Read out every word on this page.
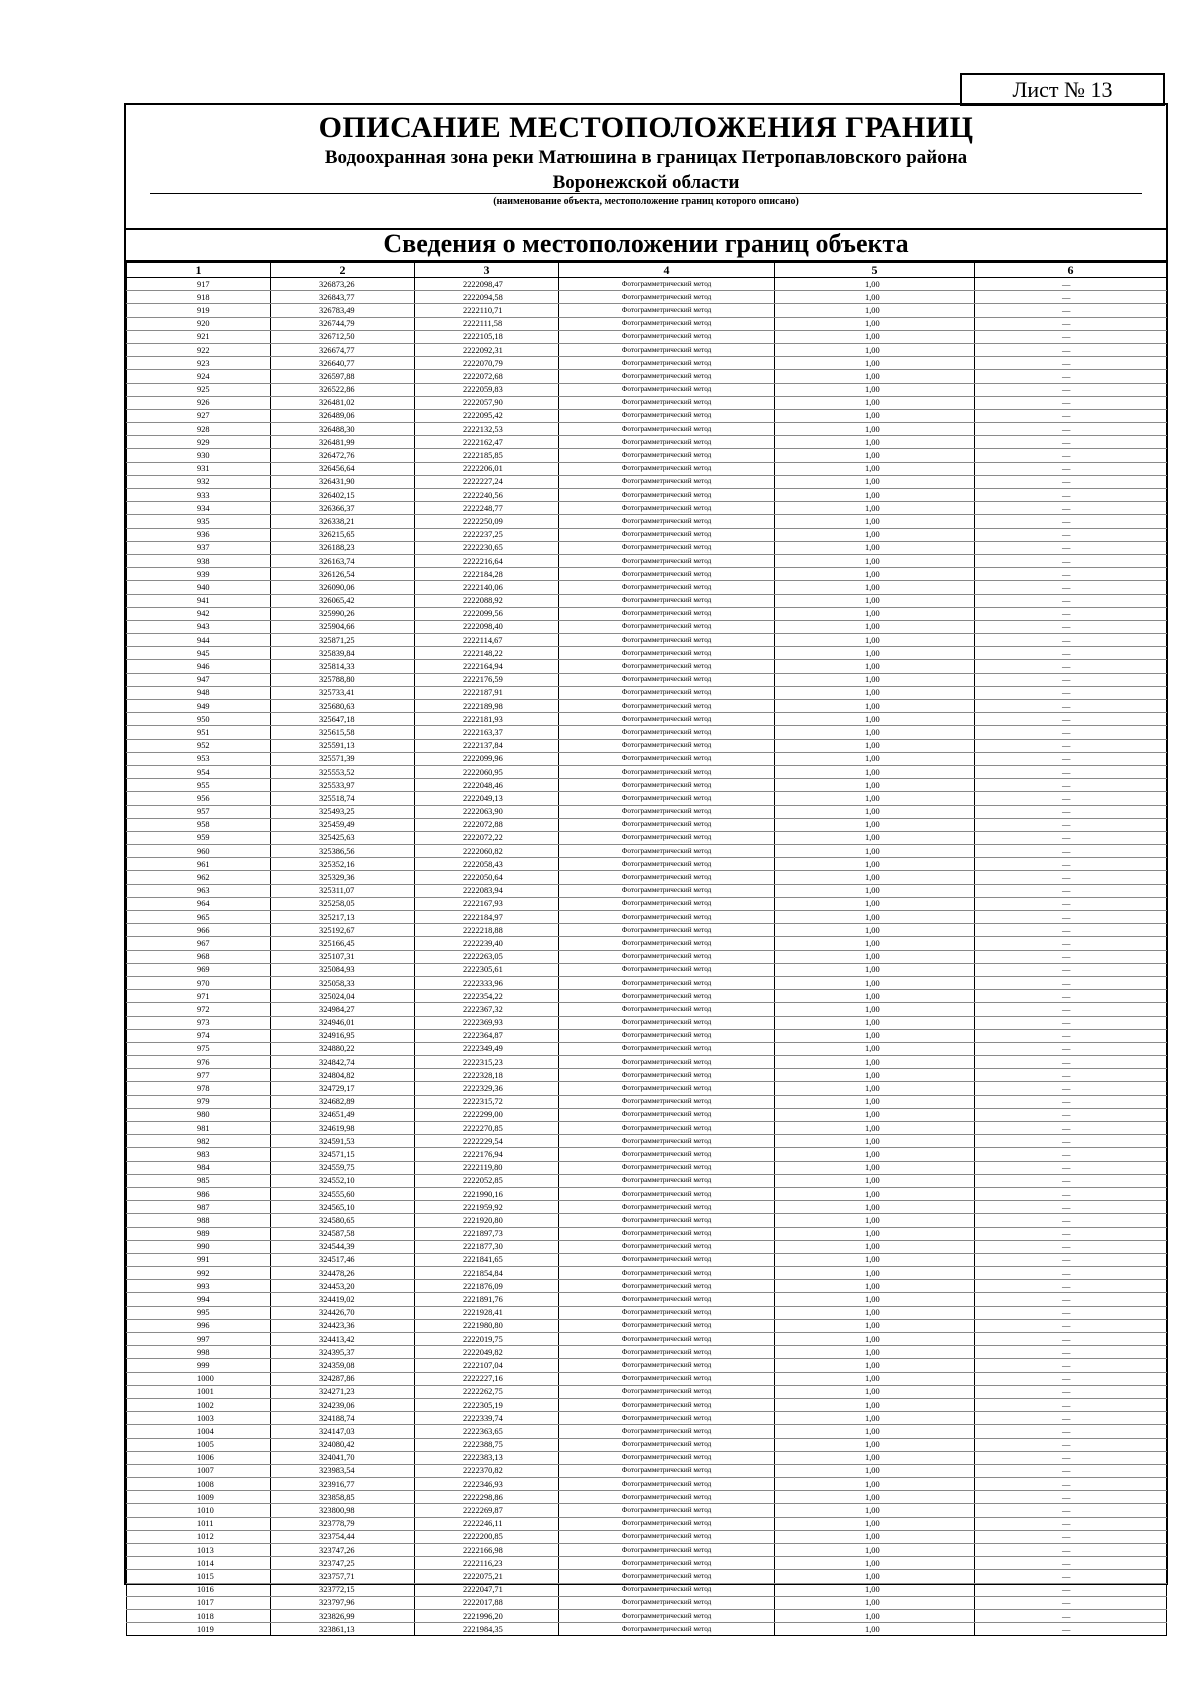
Лист № 13
ОПИСАНИЕ МЕСТОПОЛОЖЕНИЯ ГРАНИЦ
Водоохранная зона реки Матюшина в границах Петропавловского района
Воронежской области
(наименование объекта, местоположение границ которого описано)
Сведения о местоположении границ объекта
1	2	3	4	5	6
917	326873,26	2222098,47	Фотограмметрический метод	1,00	—
918	326843,77	2222094,58	Фотограмметрический метод	1,00	—
919	326783,49	2222110,71	Фотограмметрический метод	1,00	—
920	326744,79	2222111,58	Фотограмметрический метод	1,00	—
921	326712,50	2222105,18	Фотограмметрический метод	1,00	—
922	326674,77	2222092,31	Фотограмметрический метод	1,00	—
923	326640,77	2222070,79	Фотограмметрический метод	1,00	—
924	326597,88	2222072,68	Фотограмметрический метод	1,00	—
925	326522,86	2222059,83	Фотограмметрический метод	1,00	—
926	326481,02	2222057,90	Фотограмметрический метод	1,00	—
927	326489,06	2222095,42	Фотограмметрический метод	1,00	—
928	326488,30	2222132,53	Фотограмметрический метод	1,00	—
929	326481,99	2222162,47	Фотограмметрический метод	1,00	—
930	326472,76	2222185,85	Фотограмметрический метод	1,00	—
931	326456,64	2222206,01	Фотограмметрический метод	1,00	—
932	326431,90	2222227,24	Фотограмметрический метод	1,00	—
933	326402,15	2222240,56	Фотограмметрический метод	1,00	—
934	326366,37	2222248,77	Фотограмметрический метод	1,00	—
935	326338,21	2222250,09	Фотограмметрический метод	1,00	—
936	326215,65	2222237,25	Фотограмметрический метод	1,00	—
937	326188,23	2222230,65	Фотограмметрический метод	1,00	—
938	326163,74	2222216,64	Фотограмметрический метод	1,00	—
939	326126,54	2222184,28	Фотограмметрический метод	1,00	—
940	326090,06	2222140,06	Фотограмметрический метод	1,00	—
941	326065,42	2222088,92	Фотограмметрический метод	1,00	—
942	325990,26	2222099,56	Фотограмметрический метод	1,00	—
943	325904,66	2222098,40	Фотограмметрический метод	1,00	—
944	325871,25	2222114,67	Фотограмметрический метод	1,00	—
945	325839,84	2222148,22	Фотограмметрический метод	1,00	—
946	325814,33	2222164,94	Фотограмметрический метод	1,00	—
947	325788,80	2222176,59	Фотограмметрический метод	1,00	—
948	325733,41	2222187,91	Фотограмметрический метод	1,00	—
949	325680,63	2222189,98	Фотограмметрический метод	1,00	—
950	325647,18	2222181,93	Фотограмметрический метод	1,00	—
951	325615,58	2222163,37	Фотограмметрический метод	1,00	—
952	325591,13	2222137,84	Фотограмметрический метод	1,00	—
953	325571,39	2222099,96	Фотограмметрический метод	1,00	—
954	325553,52	2222060,95	Фотограмметрический метод	1,00	—
955	325533,97	2222048,46	Фотограмметрический метод	1,00	—
956	325518,74	2222049,13	Фотограмметрический метод	1,00	—
957	325493,25	2222063,90	Фотограмметрический метод	1,00	—
958	325459,49	2222072,88	Фотограмметрический метод	1,00	—
959	325425,63	2222072,22	Фотограмметрический метод	1,00	—
960	325386,56	2222060,82	Фотограмметрический метод	1,00	—
961	325352,16	2222058,43	Фотограмметрический метод	1,00	—
962	325329,36	2222050,64	Фотограмметрический метод	1,00	—
963	325311,07	2222083,94	Фотограмметрический метод	1,00	—
964	325258,05	2222167,93	Фотограмметрический метод	1,00	—
965	325217,13	2222184,97	Фотограмметрический метод	1,00	—
966	325192,67	2222218,88	Фотограмметрический метод	1,00	—
967	325166,45	2222239,40	Фотограмметрический метод	1,00	—
968	325107,31	2222263,05	Фотограмметрический метод	1,00	—
969	325084,93	2222305,61	Фотограмметрический метод	1,00	—
970	325058,33	2222333,96	Фотограмметрический метод	1,00	—
971	325024,04	2222354,22	Фотограмметрический метод	1,00	—
972	324984,27	2222367,32	Фотограмметрический метод	1,00	—
973	324946,01	2222369,93	Фотограмметрический метод	1,00	—
974	324916,95	2222364,87	Фотограмметрический метод	1,00	—
975	324880,22	2222349,49	Фотограмметрический метод	1,00	—
976	324842,74	2222315,23	Фотограмметрический метод	1,00	—
977	324804,82	2222328,18	Фотограмметрический метод	1,00	—
978	324729,17	2222329,36	Фотограмметрический метод	1,00	—
979	324682,89	2222315,72	Фотограмметрический метод	1,00	—
980	324651,49	2222299,00	Фотограмметрический метод	1,00	—
981	324619,98	2222270,85	Фотограмметрический метод	1,00	—
982	324591,53	2222229,54	Фотограмметрический метод	1,00	—
983	324571,15	2222176,94	Фотограмметрический метод	1,00	—
984	324559,75	2222119,80	Фотограмметрический метод	1,00	—
985	324552,10	2222052,85	Фотограмметрический метод	1,00	—
986	324555,60	2221990,16	Фотограмметрический метод	1,00	—
987	324565,10	2221959,92	Фотограмметрический метод	1,00	—
988	324580,65	2221920,80	Фотограмметрический метод	1,00	—
989	324587,58	2221897,73	Фотограмметрический метод	1,00	—
990	324544,39	2221877,30	Фотограмметрический метод	1,00	—
991	324517,46	2221841,65	Фотограмметрический метод	1,00	—
992	324478,26	2221854,84	Фотограмметрический метод	1,00	—
993	324453,20	2221876,09	Фотограмметрический метод	1,00	—
994	324419,02	2221891,76	Фотограмметрический метод	1,00	—
995	324426,70	2221928,41	Фотограмметрический метод	1,00	—
996	324423,36	2221980,80	Фотограмметрический метод	1,00	—
997	324413,42	2222019,75	Фотограмметрический метод	1,00	—
998	324395,37	2222049,82	Фотограмметрический метод	1,00	—
999	324359,08	2222107,04	Фотограмметрический метод	1,00	—
1000	324287,86	2222227,16	Фотограмметрический метод	1,00	—
1001	324271,23	2222262,75	Фотограмметрический метод	1,00	—
1002	324239,06	2222305,19	Фотограмметрический метод	1,00	—
1003	324188,74	2222339,74	Фотограмметрический метод	1,00	—
1004	324147,03	2222363,65	Фотограмметрический метод	1,00	—
1005	324080,42	2222388,75	Фотограмметрический метод	1,00	—
1006	324041,70	2222383,13	Фотограмметрический метод	1,00	—
1007	323983,54	2222370,82	Фотограмметрический метод	1,00	—
1008	323916,77	2222346,93	Фотограмметрический метод	1,00	—
1009	323858,85	2222298,86	Фотограмметрический метод	1,00	—
1010	323800,98	2222269,87	Фотограмметрический метод	1,00	—
1011	323778,79	2222246,11	Фотограмметрический метод	1,00	—
1012	323754,44	2222200,85	Фотограмметрический метод	1,00	—
1013	323747,26	2222166,98	Фотограмметрический метод	1,00	—
1014	323747,25	2222116,23	Фотограмметрический метод	1,00	—
1015	323757,71	2222075,21	Фотограмметрический метод	1,00	—
1016	323772,15	2222047,71	Фотограмметрический метод	1,00	—
1017	323797,96	2222017,88	Фотограмметрический метод	1,00	—
1018	323826,99	2221996,20	Фотограмметрический метод	1,00	—
1019	323861,13	2221984,35	Фотограмметрический метод	1,00	—
